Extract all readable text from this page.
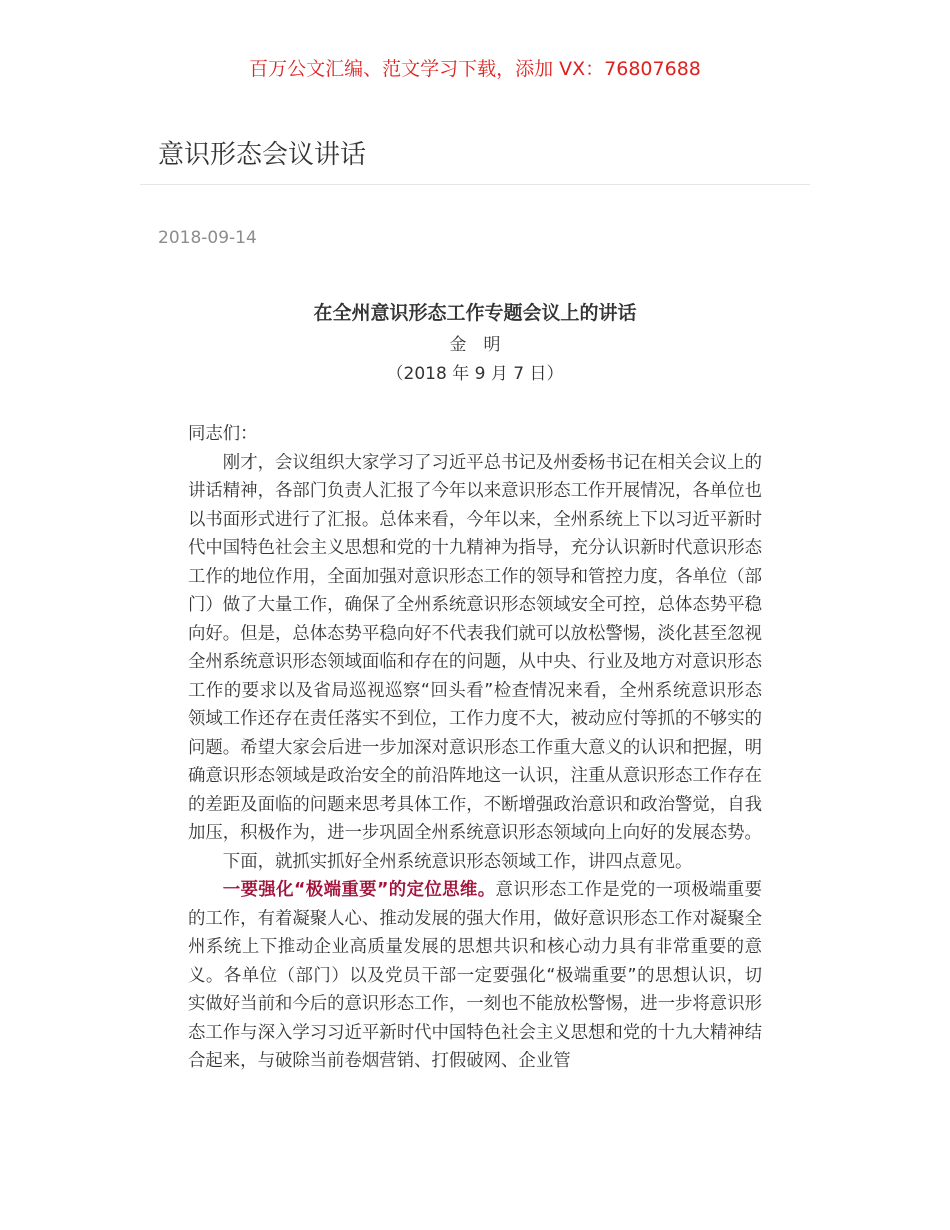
百万公文汇编、范文学习下载，添加 VX：76807688
意识形态会议讲话
2018-09-14
在全州意识形态工作专题会议上的讲话
金　明
（2018 年 9 月 7 日）

同志们：

刚才，会议组织大家学习了习近平总书记及州委杨书记在相关会议上的讲话精神，各部门负责人汇报了今年以来意识形态工作开展情况，各单位也以书面形式进行了汇报。总体来看，今年以来，全州系统上下以习近平新时代中国特色社会主义思想和党的十九精神为指导，充分认识新时代意识形态工作的地位作用，全面加强对意识形态工作的领导和管控力度，各单位（部门）做了大量工作，确保了全州系统意识形态领域安全可控，总体态势平稳向好。但是，总体态势平稳向好不代表我们就可以放松警惕，淡化甚至忽视全州系统意识形态领域面临和存在的问题，从中央、行业及地方对意识形态工作的要求以及省局巡视巡察“回头看”检查情况来看，全州系统意识形态领域工作还存在责任落实不到位，工作力度不大，被动应付等抓的不够实的问题。希望大家会后进一步加深对意识形态工作重大意义的认识和把握，明确意识形态领域是政治安全的前沿阵地这一认识，注重从意识形态工作存在的差距及面临的问题来思考具体工作，不断增强政治意识和政治警觉，自我加压，积极作为，进一步巩固全州系统意识形态领域向上向好的发展态势。

下面，就抓实抓好全州系统意识形态领域工作，讲四点意见。

一要强化“极端重要”的定位思维。意识形态工作是党的一项极端重要的工作，有着凝聚人心、推动发展的强大作用，做好意识形态工作对凝聚全州系统上下推动企业高质量发展的思想共识和核心动力具有非常重要的意义。各单位（部门）以及党员干部一定要强化“极端重要”的思想认识，切实做好当前和今后的意识形态工作，一刻也不能放松警惕，进一步将意识形态工作与深入学习习近平新时代中国特色社会主义思想和党的十九大精神结合起来，与破除当前卷烟营销、打假破网、企业管
